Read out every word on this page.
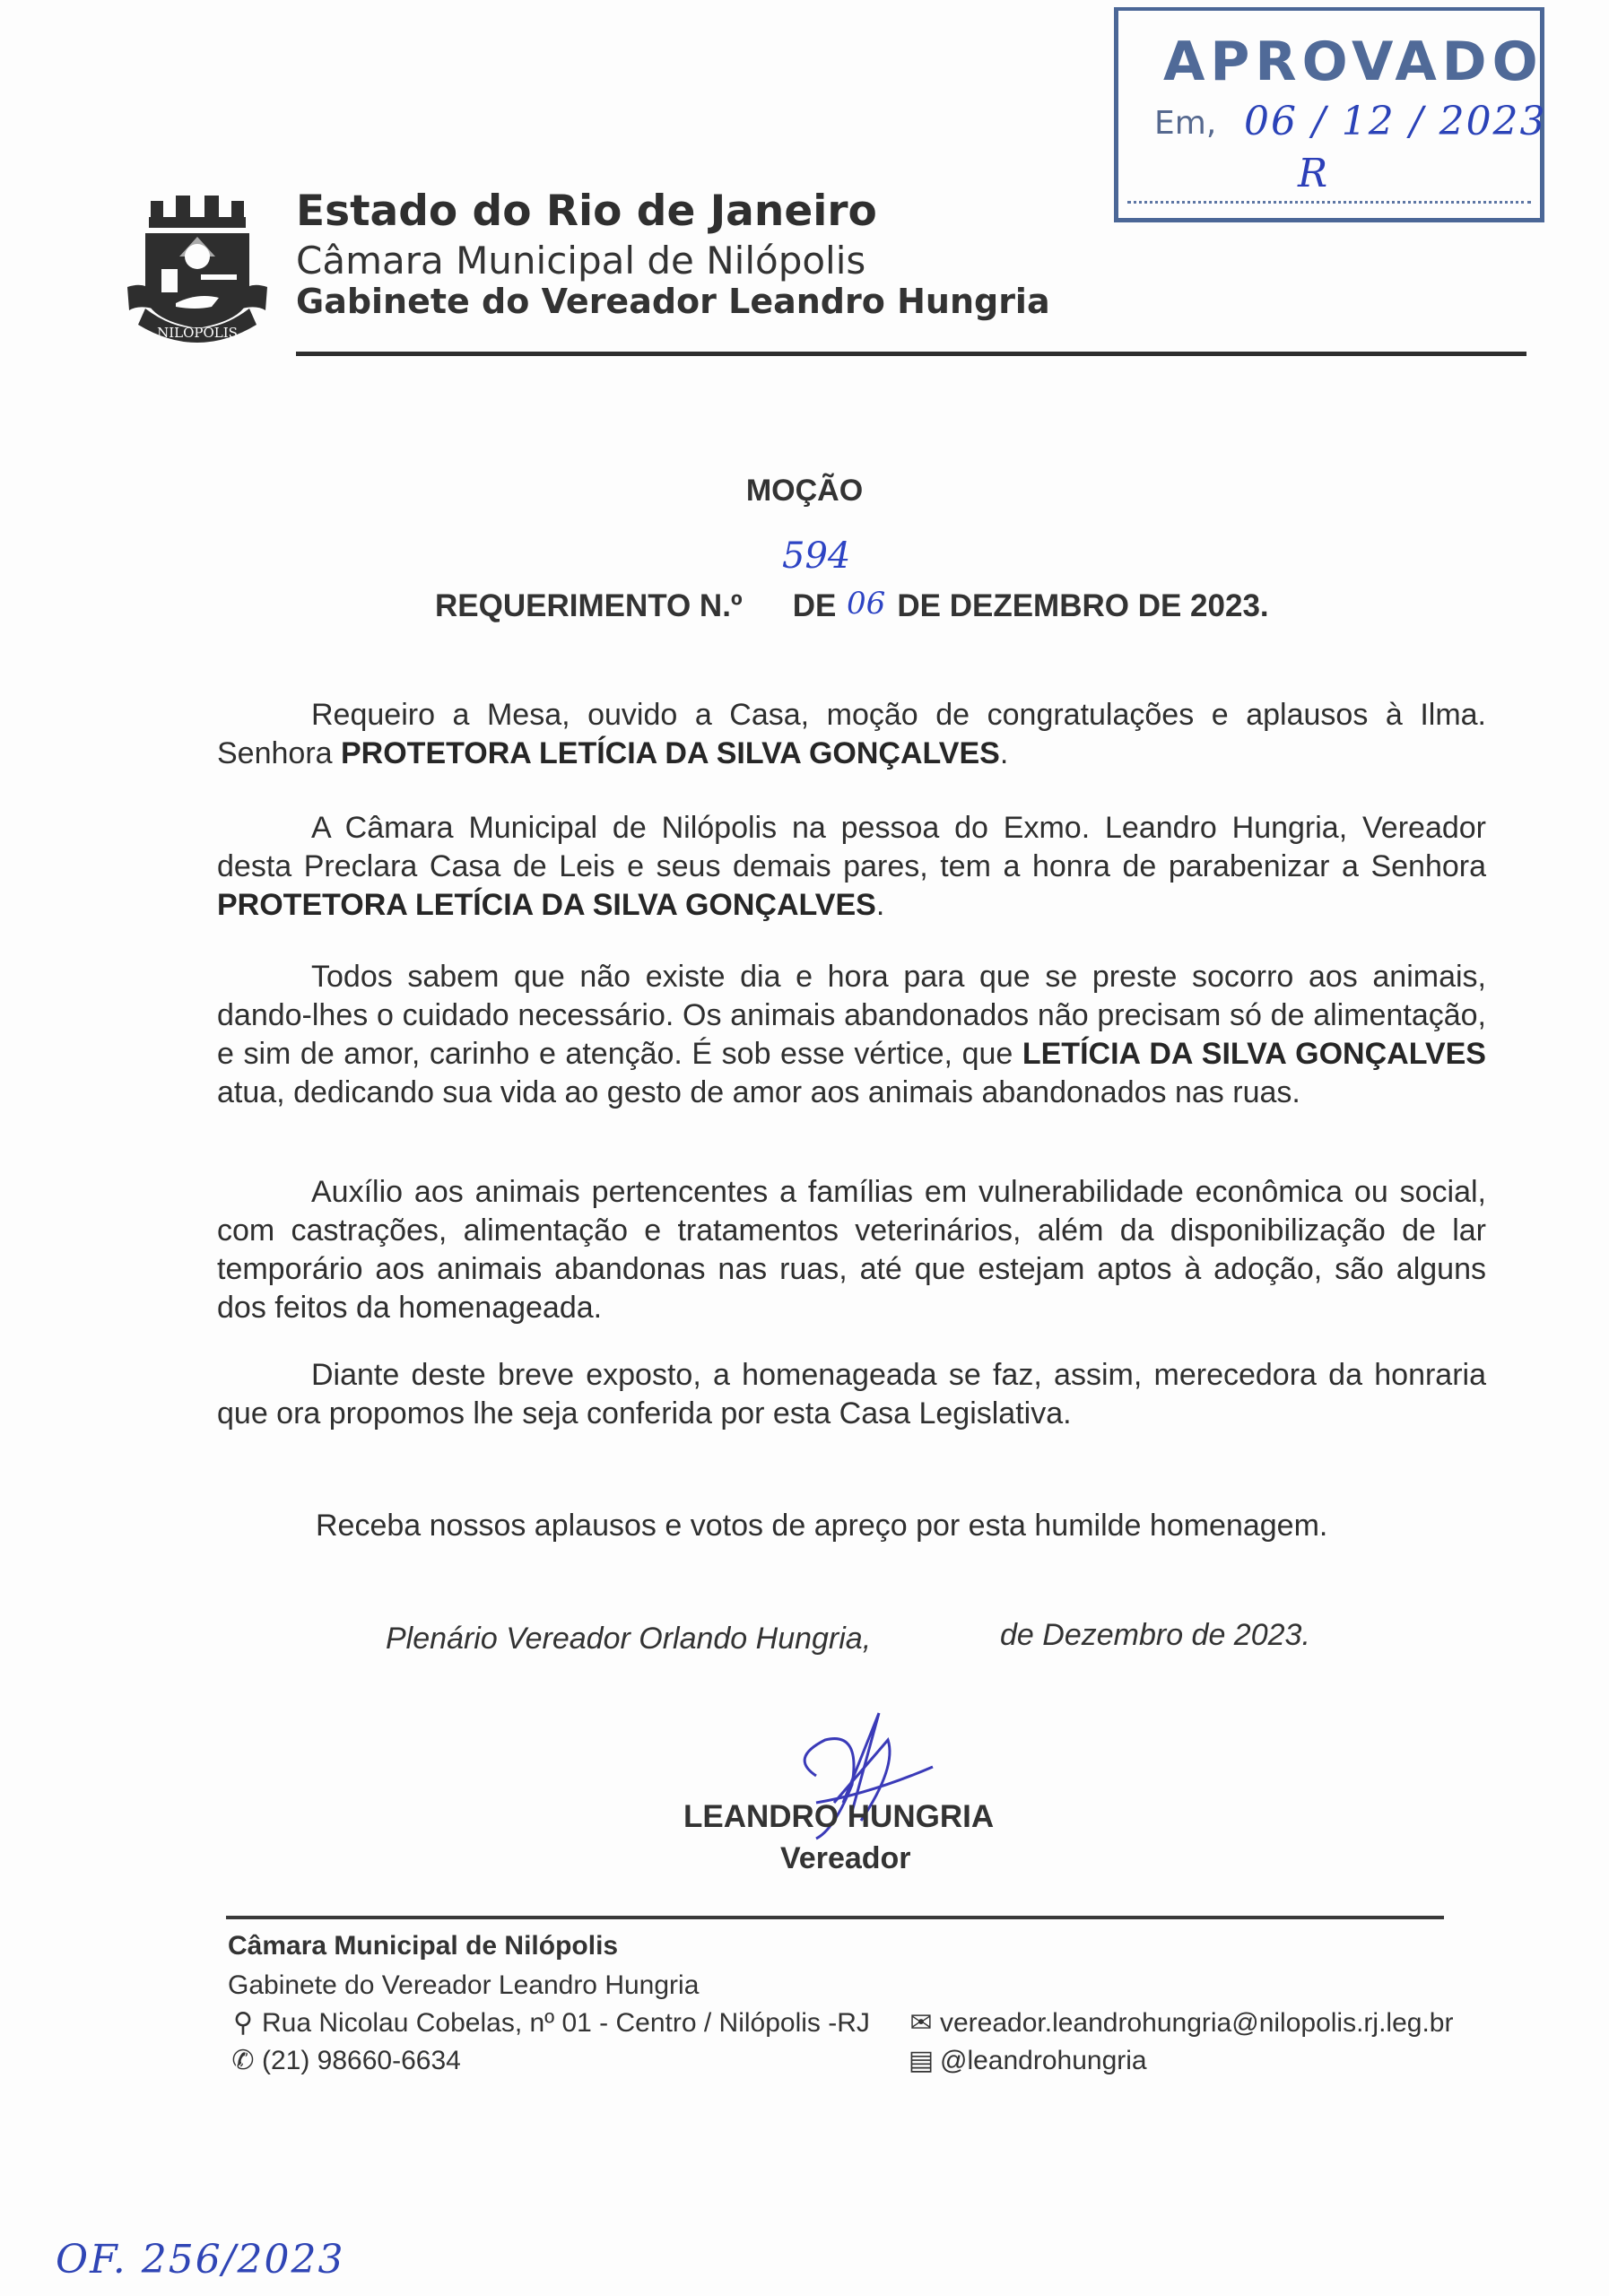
APROVADO
Em, 06 / 12 / 2023
R
NILOPOLIS
Estado do Rio de Janeiro
Câmara Municipal de Nilópolis
Gabinete do Vereador Leandro Hungria
MOÇÃO
REQUERIMENTO N.º DE DE DEZEMBRO DE 2023.
594
06
Requeiro a Mesa, ouvido a Casa, moção de congratulações e aplausos à Ilma. Senhora PROTETORA LETÍCIA DA SILVA GONÇALVES.
A Câmara Municipal de Nilópolis na pessoa do Exmo. Leandro Hungria, Vereador desta Preclara Casa de Leis e seus demais pares, tem a honra de parabenizar a Senhora PROTETORA LETÍCIA DA SILVA GONÇALVES.
Todos sabem que não existe dia e hora para que se preste socorro aos animais, dando-lhes o cuidado necessário. Os animais abandonados não precisam só de alimentação, e sim de amor, carinho e atenção. É sob esse vértice, que LETÍCIA DA SILVA GONÇALVES atua, dedicando sua vida ao gesto de amor aos animais abandonados nas ruas.
Auxílio aos animais pertencentes a famílias em vulnerabilidade econômica ou social, com castrações, alimentação e tratamentos veterinários, além da disponibilização de lar temporário aos animais abandonas nas ruas, até que estejam aptos à adoção, são alguns dos feitos da homenageada.
Diante deste breve exposto, a homenageada se faz, assim, merecedora da honraria que ora propomos lhe seja conferida por esta Casa Legislativa.
Receba nossos aplausos e votos de apreço por esta humilde homenagem.
Plenário Vereador Orlando Hungria,	de Dezembro de 2023.
LEANDRO HUNGRIA
Vereador
Câmara Municipal de Nilópolis
Gabinete do Vereador Leandro Hungria
⚲ Rua Nicolau Cobelas, nº 01 - Centro / Nilópolis -RJ
✆ (21) 98660-6634
✉ vereador.leandrohungria@nilopolis.rj.leg.br
▤ @leandrohungria
OF. 256/2023
